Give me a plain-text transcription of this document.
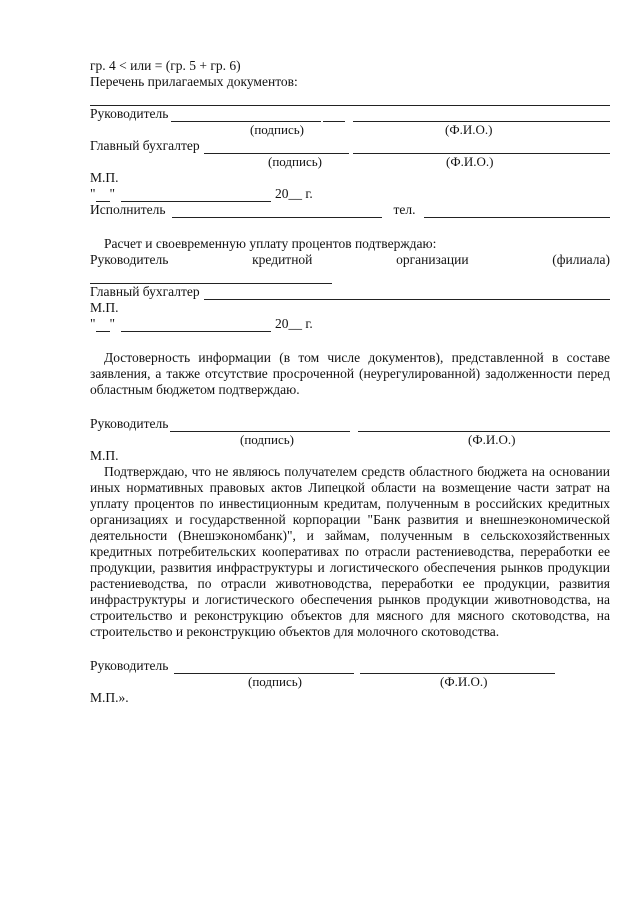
гр. 4 < или = (гр. 5 + гр. 6)
Перечень прилагаемых документов:
Руководитель
(подпись)	(Ф.И.О.)
Главный бухгалтер
(подпись)	(Ф.И.О.)
М.П.
" "	20__ г.
Исполнитель	тел.
Расчет и своевременную уплату процентов подтверждаю:
Руководитель	кредитной	организации	(филиала)
Главный бухгалтер
М.П.
" "	20__ г.

Достоверность информации (в том числе документов), представленной в составе заявления, а также отсутствие просроченной (неурегулированной) задолженности перед областным бюджетом подтверждаю.

Руководитель
(подпись)	(Ф.И.О.)
М.П.

Подтверждаю, что не являюсь получателем средств областного бюджета на основании иных нормативных правовых актов Липецкой области на возмещение части затрат на уплату процентов по инвестиционным кредитам, полученным в российских кредитных организациях и государственной корпорации "Банк развития и внешнеэкономической деятельности (Внешэкономбанк)", и займам, полученным в сельскохозяйственных кредитных потребительских кооперативах по отрасли растениеводства, переработки ее продукции, развития инфраструктуры и логистического обеспечения рынков продукции растениеводства, по отрасли животноводства, переработки ее продукции, развития инфраструктуры и логистического обеспечения рынков продукции животноводства, на строительство и реконструкцию объектов для мясного для мясного скотоводства, на строительство и реконструкцию объектов для молочного скотоводства.

Руководитель
(подпись)	(Ф.И.О.)
М.П.».
